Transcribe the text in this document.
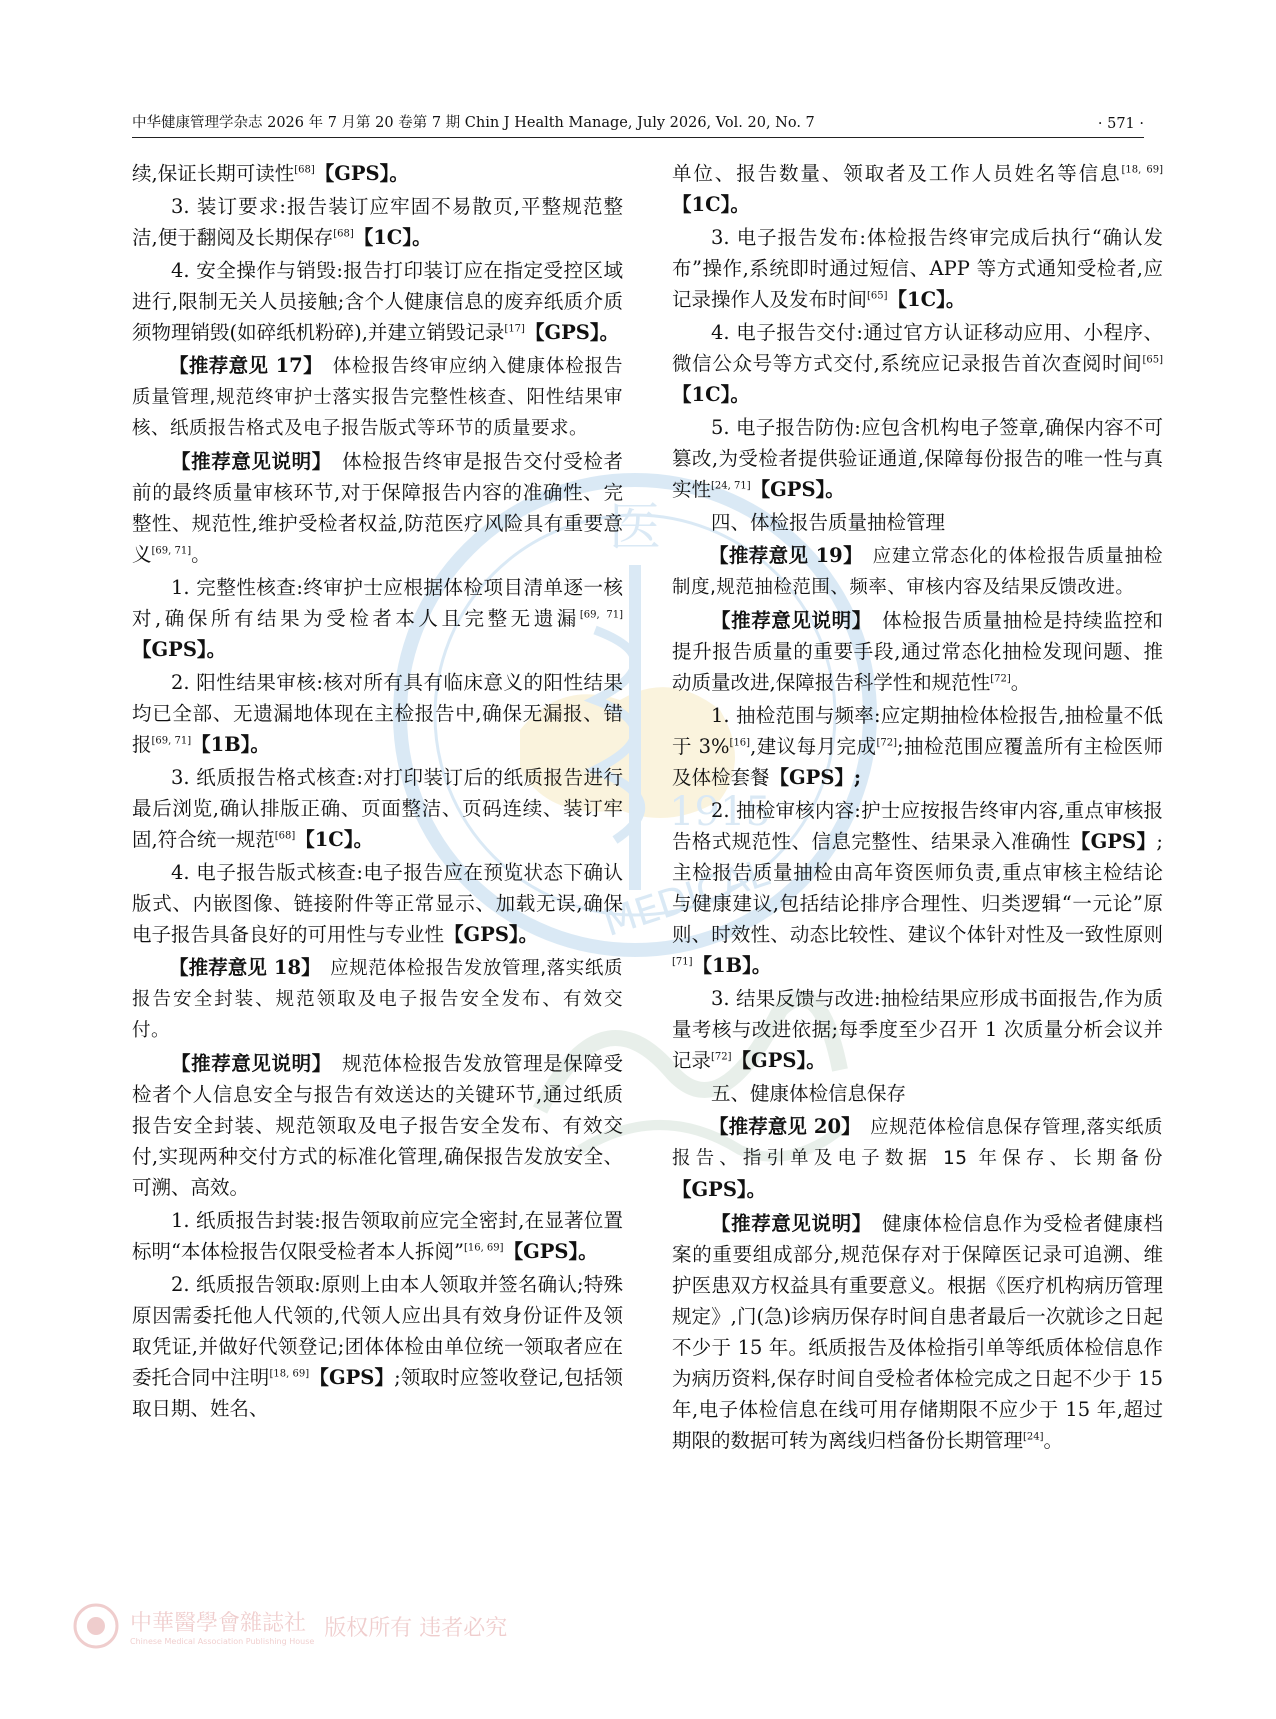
中华健康管理学杂志 2026 年 7 月第 20 卷第 7 期 Chin J Health Manage, July 2026, Vol. 20, No. 7	· 571 ·
医
1915
MEDICAL
中華醫學會雜誌社
Chinese Medical Association Publishing House
版权所有 违者必究

续,保证长期可读性[68]【GPS】。

3. 装订要求:报告装订应牢固不易散页,平整规范整洁,便于翻阅及长期保存[68]【1C】。

4. 安全操作与销毁:报告打印装订应在指定受控区域进行,限制无关人员接触;含个人健康信息的废弃纸质介质须物理销毁(如碎纸机粉碎),并建立销毁记录[17]【GPS】。

【推荐意见 17】　 体检报告终审应纳入健康体检报告质量管理,规范终审护士落实报告完整性核查、阳性结果审核、纸质报告格式及电子报告版式等环节的质量要求。

【推荐意见说明】　 体检报告终审是报告交付受检者前的最终质量审核环节,对于保障报告内容的准确性、完整性、规范性,维护受检者权益,防范医疗风险具有重要意义[69, 71]。

1. 完整性核查:终审护士应根据体检项目清单逐一核对,确保所有结果为受检者本人且完整无遗漏[69, 71]【GPS】。

2. 阳性结果审核:核对所有具有临床意义的阳性结果均已全部、无遗漏地体现在主检报告中,确保无漏报、错报[69, 71]【1B】。

3. 纸质报告格式核查:对打印装订后的纸质报告进行最后浏览,确认排版正确、页面整洁、页码连续、装订牢固,符合统一规范[68]【1C】。

4. 电子报告版式核查:电子报告应在预览状态下确认版式、内嵌图像、链接附件等正常显示、加载无误,确保电子报告具备良好的可用性与专业性【GPS】。

【推荐意见 18】　 应规范体检报告发放管理,落实纸质报告安全封装、规范领取及电子报告安全发布、有效交付。

【推荐意见说明】　 规范体检报告发放管理是保障受检者个人信息安全与报告有效送达的关键环节,通过纸质报告安全封装、规范领取及电子报告安全发布、有效交付,实现两种交付方式的标准化管理,确保报告发放安全、可溯、高效。

1. 纸质报告封装:报告领取前应完全密封,在显著位置标明“本体检报告仅限受检者本人拆阅”[16, 69]【GPS】。

2. 纸质报告领取:原则上由本人领取并签名确认;特殊原因需委托他人代领的,代领人应出具有效身份证件及领取凭证,并做好代领登记;团体体检由单位统一领取者应在委托合同中注明[18, 69]【GPS】;领取时应签收登记,包括领取日期、姓名、

单位、报告数量、领取者及工作人员姓名等信息[18, 69]【1C】。

3. 电子报告发布:体检报告终审完成后执行“确认发布”操作,系统即时通过短信、APP 等方式通知受检者,应记录操作人及发布时间[65]【1C】。

4. 电子报告交付:通过官方认证移动应用、小程序、微信公众号等方式交付,系统应记录报告首次查阅时间[65]【1C】。

5. 电子报告防伪:应包含机构电子签章,确保内容不可篡改,为受检者提供验证通道,保障每份报告的唯一性与真实性[24, 71]【GPS】。

四、体检报告质量抽检管理

【推荐意见 19】　 应建立常态化的体检报告质量抽检制度,规范抽检范围、频率、审核内容及结果反馈改进。

【推荐意见说明】　 体检报告质量抽检是持续监控和提升报告质量的重要手段,通过常态化抽检发现问题、推动质量改进,保障报告科学性和规范性[72]。

1. 抽检范围与频率:应定期抽检体检报告,抽检量不低于 3%[16],建议每月完成[72];抽检范围应覆盖所有主检医师及体检套餐【GPS】;

2. 抽检审核内容:护士应按报告终审内容,重点审核报告格式规范性、信息完整性、结果录入准确性【GPS】;主检报告质量抽检由高年资医师负责,重点审核主检结论与健康建议,包括结论排序合理性、归类逻辑“一元论”原则、时效性、动态比较性、建议个体针对性及一致性原则[71]【1B】。

3. 结果反馈与改进:抽检结果应形成书面报告,作为质量考核与改进依据;每季度至少召开 1 次质量分析会议并记录[72]【GPS】。

五、健康体检信息保存

【推荐意见 20】　 应规范体检信息保存管理,落实纸质报告、指引单及电子数据 15 年保存、长期备份【GPS】。

【推荐意见说明】　 健康体检信息作为受检者健康档案的重要组成部分,规范保存对于保障医记录可追溯、维护医患双方权益具有重要意义。根据《医疗机构病历管理规定》,门(急)诊病历保存时间自患者最后一次就诊之日起不少于 15 年。纸质报告及体检指引单等纸质体检信息作为病历资料,保存时间自受检者体检完成之日起不少于 15 年,电子体检信息在线可用存储期限不应少于 15 年,超过期限的数据可转为离线归档备份长期管理[24]。
